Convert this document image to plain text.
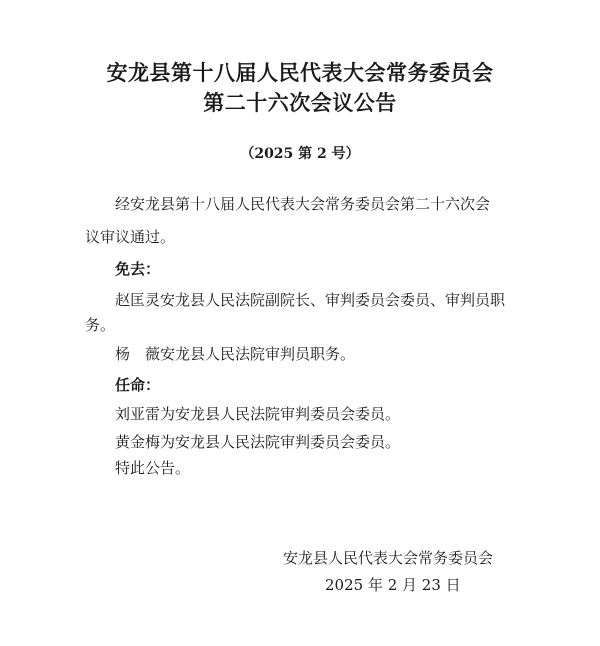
安龙县第十八届人民代表大会常务委员会
第二十六次会议公告
（2025 第 2 号）
经安龙县第十八届人民代表大会常务委员会第二十六次会
议审议通过。
免去：
赵匡灵安龙县人民法院副院长、审判委员会委员、审判员职
务。
杨　薇安龙县人民法院审判员职务。
任命：
刘亚雷为安龙县人民法院审判委员会委员。
黄金梅为安龙县人民法院审判委员会委员。
特此公告。
安龙县人民代表大会常务委员会
2025 年 2 月 23 日
